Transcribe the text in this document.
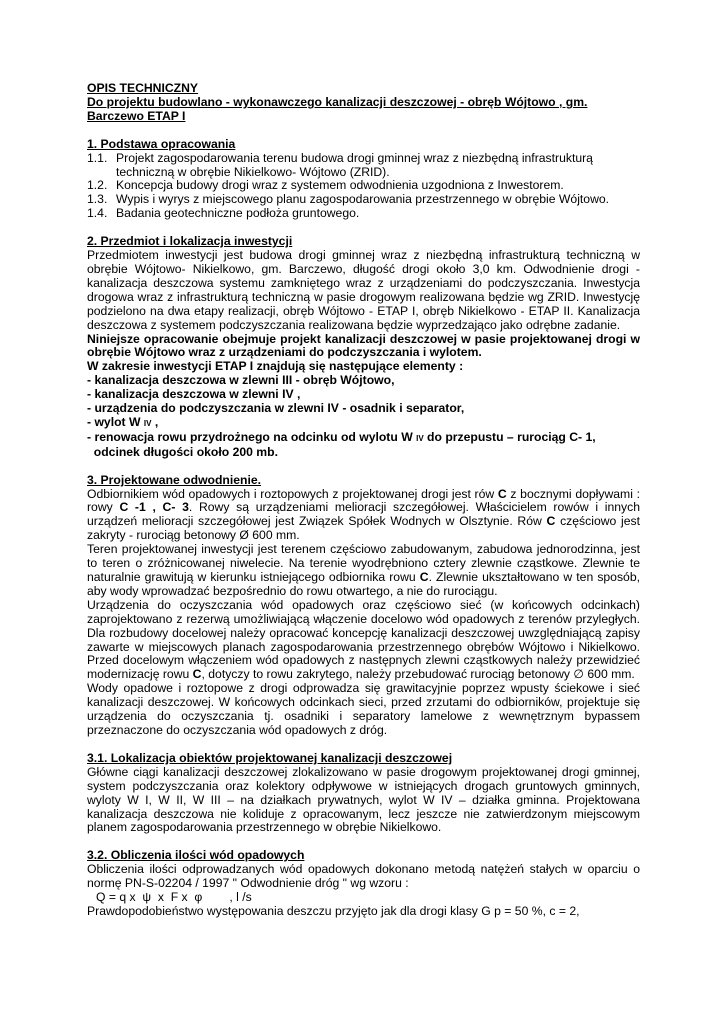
OPIS TECHNICZNY
Do projektu budowlano - wykonawczego kanalizacji deszczowej - obręb Wójtowo , gm.
Barczewo ETAP I
1. Podstawa opracowania
1.1. Projekt zagospodarowania terenu budowa drogi gminnej wraz z niezbędną infrastrukturą
techniczną w obrębie Nikielkowo- Wójtowo (ZRID).
1.2. Koncepcja budowy drogi wraz z systemem odwodnienia uzgodniona z Inwestorem.
1.3. Wypis i wyrys z miejscowego planu zagospodarowania przestrzennego w obrębie Wójtowo.
1.4. Badania geotechniczne podłoża gruntowego.
2. Przedmiot i lokalizacja inwestycji
Przedmiotem inwestycji jest budowa drogi gminnej wraz z niezbędną infrastrukturą techniczną w
obrębie Wójtowo- Nikielkowo, gm. Barczewo, długość drogi około 3,0 km. Odwodnienie drogi -
kanalizacja deszczowa systemu zamkniętego wraz z urządzeniami do podczyszczania. Inwestycja
drogowa wraz z infrastrukturą techniczną w pasie drogowym realizowana będzie wg ZRID. Inwestycję
podzielono na dwa etapy realizacji, obręb Wójtowo - ETAP I, obręb Nikielkowo - ETAP II. Kanalizacja
deszczowa z systemem podczyszczania realizowana będzie wyprzedzająco jako odrębne zadanie.
Niniejsze opracowanie obejmuje projekt kanalizacji deszczowej w pasie projektowanej drogi w
obrębie Wójtowo wraz z urządzeniami do podczyszczania i wylotem.
W zakresie inwestycji ETAP I znajdują się następujące elementy :
- kanalizacja deszczowa w zlewni III - obręb Wójtowo,
- kanalizacja deszczowa w zlewni IV ,
- urządzenia do podczyszczania w zlewni IV - osadnik i separator,
- wylot W IV ,
- renowacja rowu przydrożnego na odcinku od wylotu W IV do przepustu – rurociąg C- 1,
odcinek długości około 200 mb.
3. Projektowane odwodnienie.
Odbiornikiem wód opadowych i roztopowych z projektowanej drogi jest rów C z bocznymi dopływami :
rowy C -1 , C- 3. Rowy są urządzeniami melioracji szczegółowej. Właścicielem rowów i innych
urządzeń melioracji szczegółowej jest Związek Spółek Wodnych w Olsztynie. Rów C częściowo jest
zakryty - rurociąg betonowy Ø 600 mm.
Teren projektowanej inwestycji jest terenem częściowo zabudowanym, zabudowa jednorodzinna, jest
to teren o zróżnicowanej niwelecie. Na terenie wyodrębniono cztery zlewnie cząstkowe. Zlewnie te
naturalnie grawitują w kierunku istniejącego odbiornika rowu C. Zlewnie ukształtowano w ten sposób,
aby wody wprowadzać bezpośrednio do rowu otwartego, a nie do rurociągu.
Urządzenia do oczyszczania wód opadowych oraz częściowo sieć (w końcowych odcinkach)
zaprojektowano z rezerwą umożliwiającą włączenie docelowo wód opadowych z terenów przyległych.
Dla rozbudowy docelowej należy opracować koncepcję kanalizacji deszczowej uwzględniającą zapisy
zawarte w miejscowych planach zagospodarowania przestrzennego obrębów Wójtowo i Nikielkowo.
Przed docelowym włączeniem wód opadowych z następnych zlewni cząstkowych należy przewidzieć
modernizację rowu C, dotyczy to rowu zakrytego, należy przebudować rurociąg betonowy ∅ 600 mm.
Wody opadowe i roztopowe z drogi odprowadza się grawitacyjnie poprzez wpusty ściekowe i sieć
kanalizacji deszczowej. W końcowych odcinkach sieci, przed zrzutami do odbiorników, projektuje się
urządzenia do oczyszczania tj. osadniki i separatory lamelowe z wewnętrznym bypassem
przeznaczone do oczyszczania wód opadowych z dróg.
3.1. Lokalizacja obiektów projektowanej kanalizacji deszczowej
Główne ciągi kanalizacji deszczowej zlokalizowano w pasie drogowym projektowanej drogi gminnej,
system podczyszczania oraz kolektory odpływowe w istniejących drogach gruntowych gminnych,
wyloty W I, W II, W III – na działkach prywatnych, wylot W IV – działka gminna. Projektowana
kanalizacja deszczowa nie koliduje z opracowanym, lecz jeszcze nie zatwierdzonym miejscowym
planem zagospodarowania przestrzennego w obrębie Nikielkowo.
3.2. Obliczenia ilości wód opadowych
Obliczenia ilości odprowadzanych wód opadowych dokonano metodą natężeń stałych w oparciu o
normę PN-S-02204 / 1997 " Odwodnienie dróg " wg wzoru :
Q = q x  ψ  x  F x  φ        , l /s
Prawdopodobieństwo występowania deszczu przyjęto jak dla drogi klasy G p = 50 %, c = 2,
